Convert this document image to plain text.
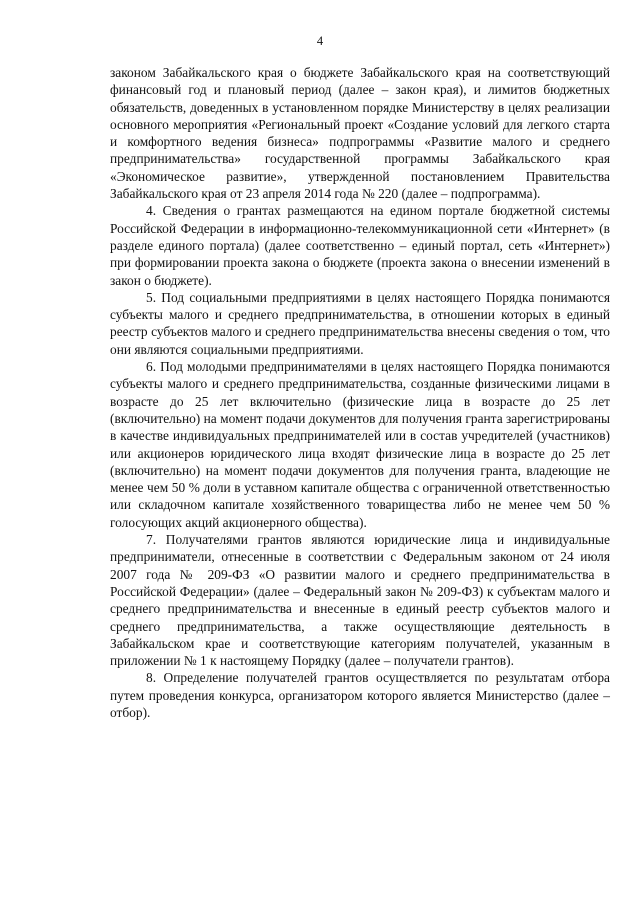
4

законом Забайкальского края о бюджете Забайкальского края на соответствующий финансовый год и плановый период (далее – закон края), и лимитов бюджетных обязательств, доведенных в установленном порядке Министерству в целях реализации основного мероприятия «Региональный проект «Создание условий для легкого старта и комфортного ведения бизнеса» подпрограммы «Развитие малого и среднего предпринимательства» государственной программы Забайкальского края «Экономическое развитие», утвержденной постановлением Правительства Забайкальского края от 23 апреля 2014 года № 220 (далее – подпрограмма).

4. Сведения о грантах размещаются на едином портале бюджетной системы Российской Федерации в информационно-телекоммуникационной сети «Интернет» (в разделе единого портала) (далее соответственно – единый портал, сеть «Интернет») при формировании проекта закона о бюджете (проекта закона о внесении изменений в закон о бюджете).

5. Под социальными предприятиями в целях настоящего Порядка понимаются субъекты малого и среднего предпринимательства, в отношении которых в единый реестр субъектов малого и среднего предпринимательства внесены сведения о том, что они являются социальными предприятиями.

6. Под молодыми предпринимателями в целях настоящего Порядка понимаются субъекты малого и среднего предпринимательства, созданные физическими лицами в возрасте до 25 лет включительно (физические лица в возрасте до 25 лет (включительно) на момент подачи документов для получения гранта зарегистрированы в качестве индивидуальных предпринимателей или в состав учредителей (участников) или акционеров юридического лица входят физические лица в возрасте до 25 лет (включительно) на момент подачи документов для получения гранта, владеющие не менее чем 50 % доли в уставном капитале общества с ограниченной ответственностью или складочном капитале хозяйственного товарищества либо не менее чем 50 % голосующих акций акционерного общества).

7. Получателями грантов являются юридические лица и индивидуальные предприниматели, отнесенные в соответствии с Федеральным законом от 24 июля 2007 года № 209-ФЗ «О развитии малого и среднего предпринимательства в Российской Федерации» (далее – Федеральный закон № 209-ФЗ) к субъектам малого и среднего предпринимательства и внесенные в единый реестр субъектов малого и среднего предпринимательства, а также осуществляющие деятельность в Забайкальском крае и соответствующие категориям получателей, указанным в приложении № 1 к настоящему Порядку (далее – получатели грантов).

8. Определение получателей грантов осуществляется по результатам отбора путем проведения конкурса, организатором которого является Министерство (далее – отбор).
